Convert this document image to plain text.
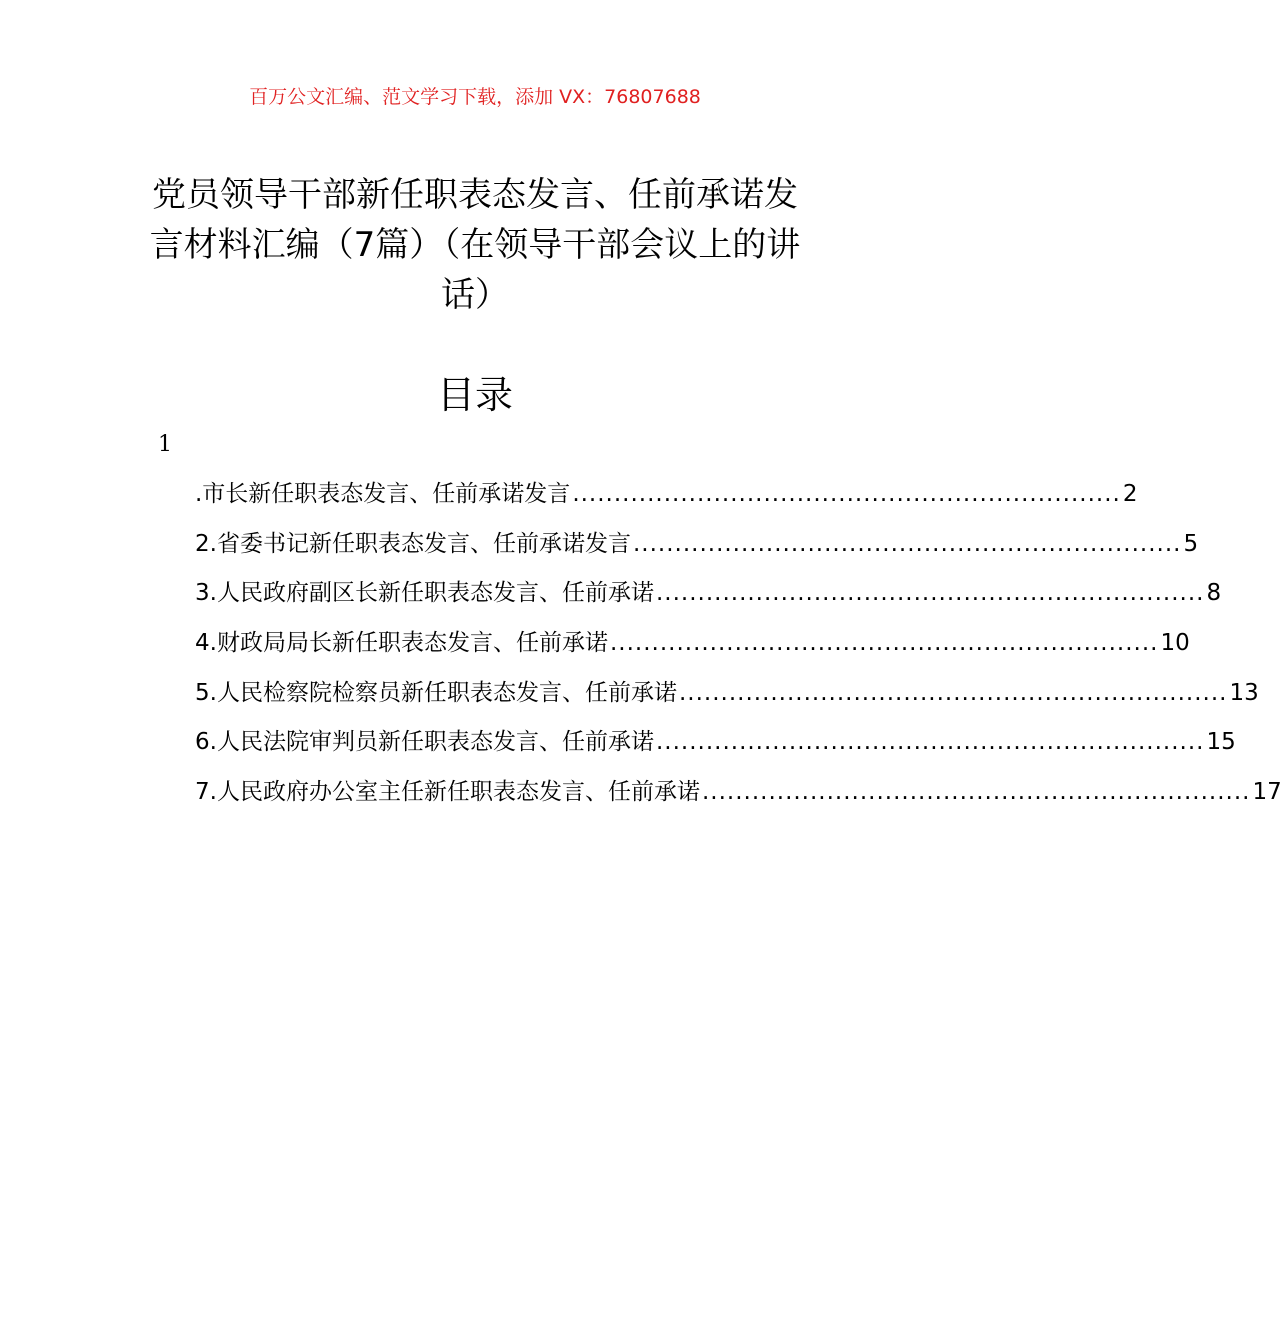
百万公文汇编、范文学习下载，添加 VX：76807688
党员领导干部新任职表态发言、任前承诺发言材料汇编（7篇）（在领导干部会议上的讲话）
目录
1
.市长新任职表态发言、任前承诺发言 .................................................................. 2
2.省委书记新任职表态发言、任前承诺发言 .................................................................. 5
3.人民政府副区长新任职表态发言、任前承诺 .................................................................. 8
4.财政局局长新任职表态发言、任前承诺 .................................................................. 10
5.人民检察院检察员新任职表态发言、任前承诺 .................................................................. 13
6.人民法院审判员新任职表态发言、任前承诺 .................................................................. 15
7.人民政府办公室主任新任职表态发言、任前承诺 .................................................................. 17
